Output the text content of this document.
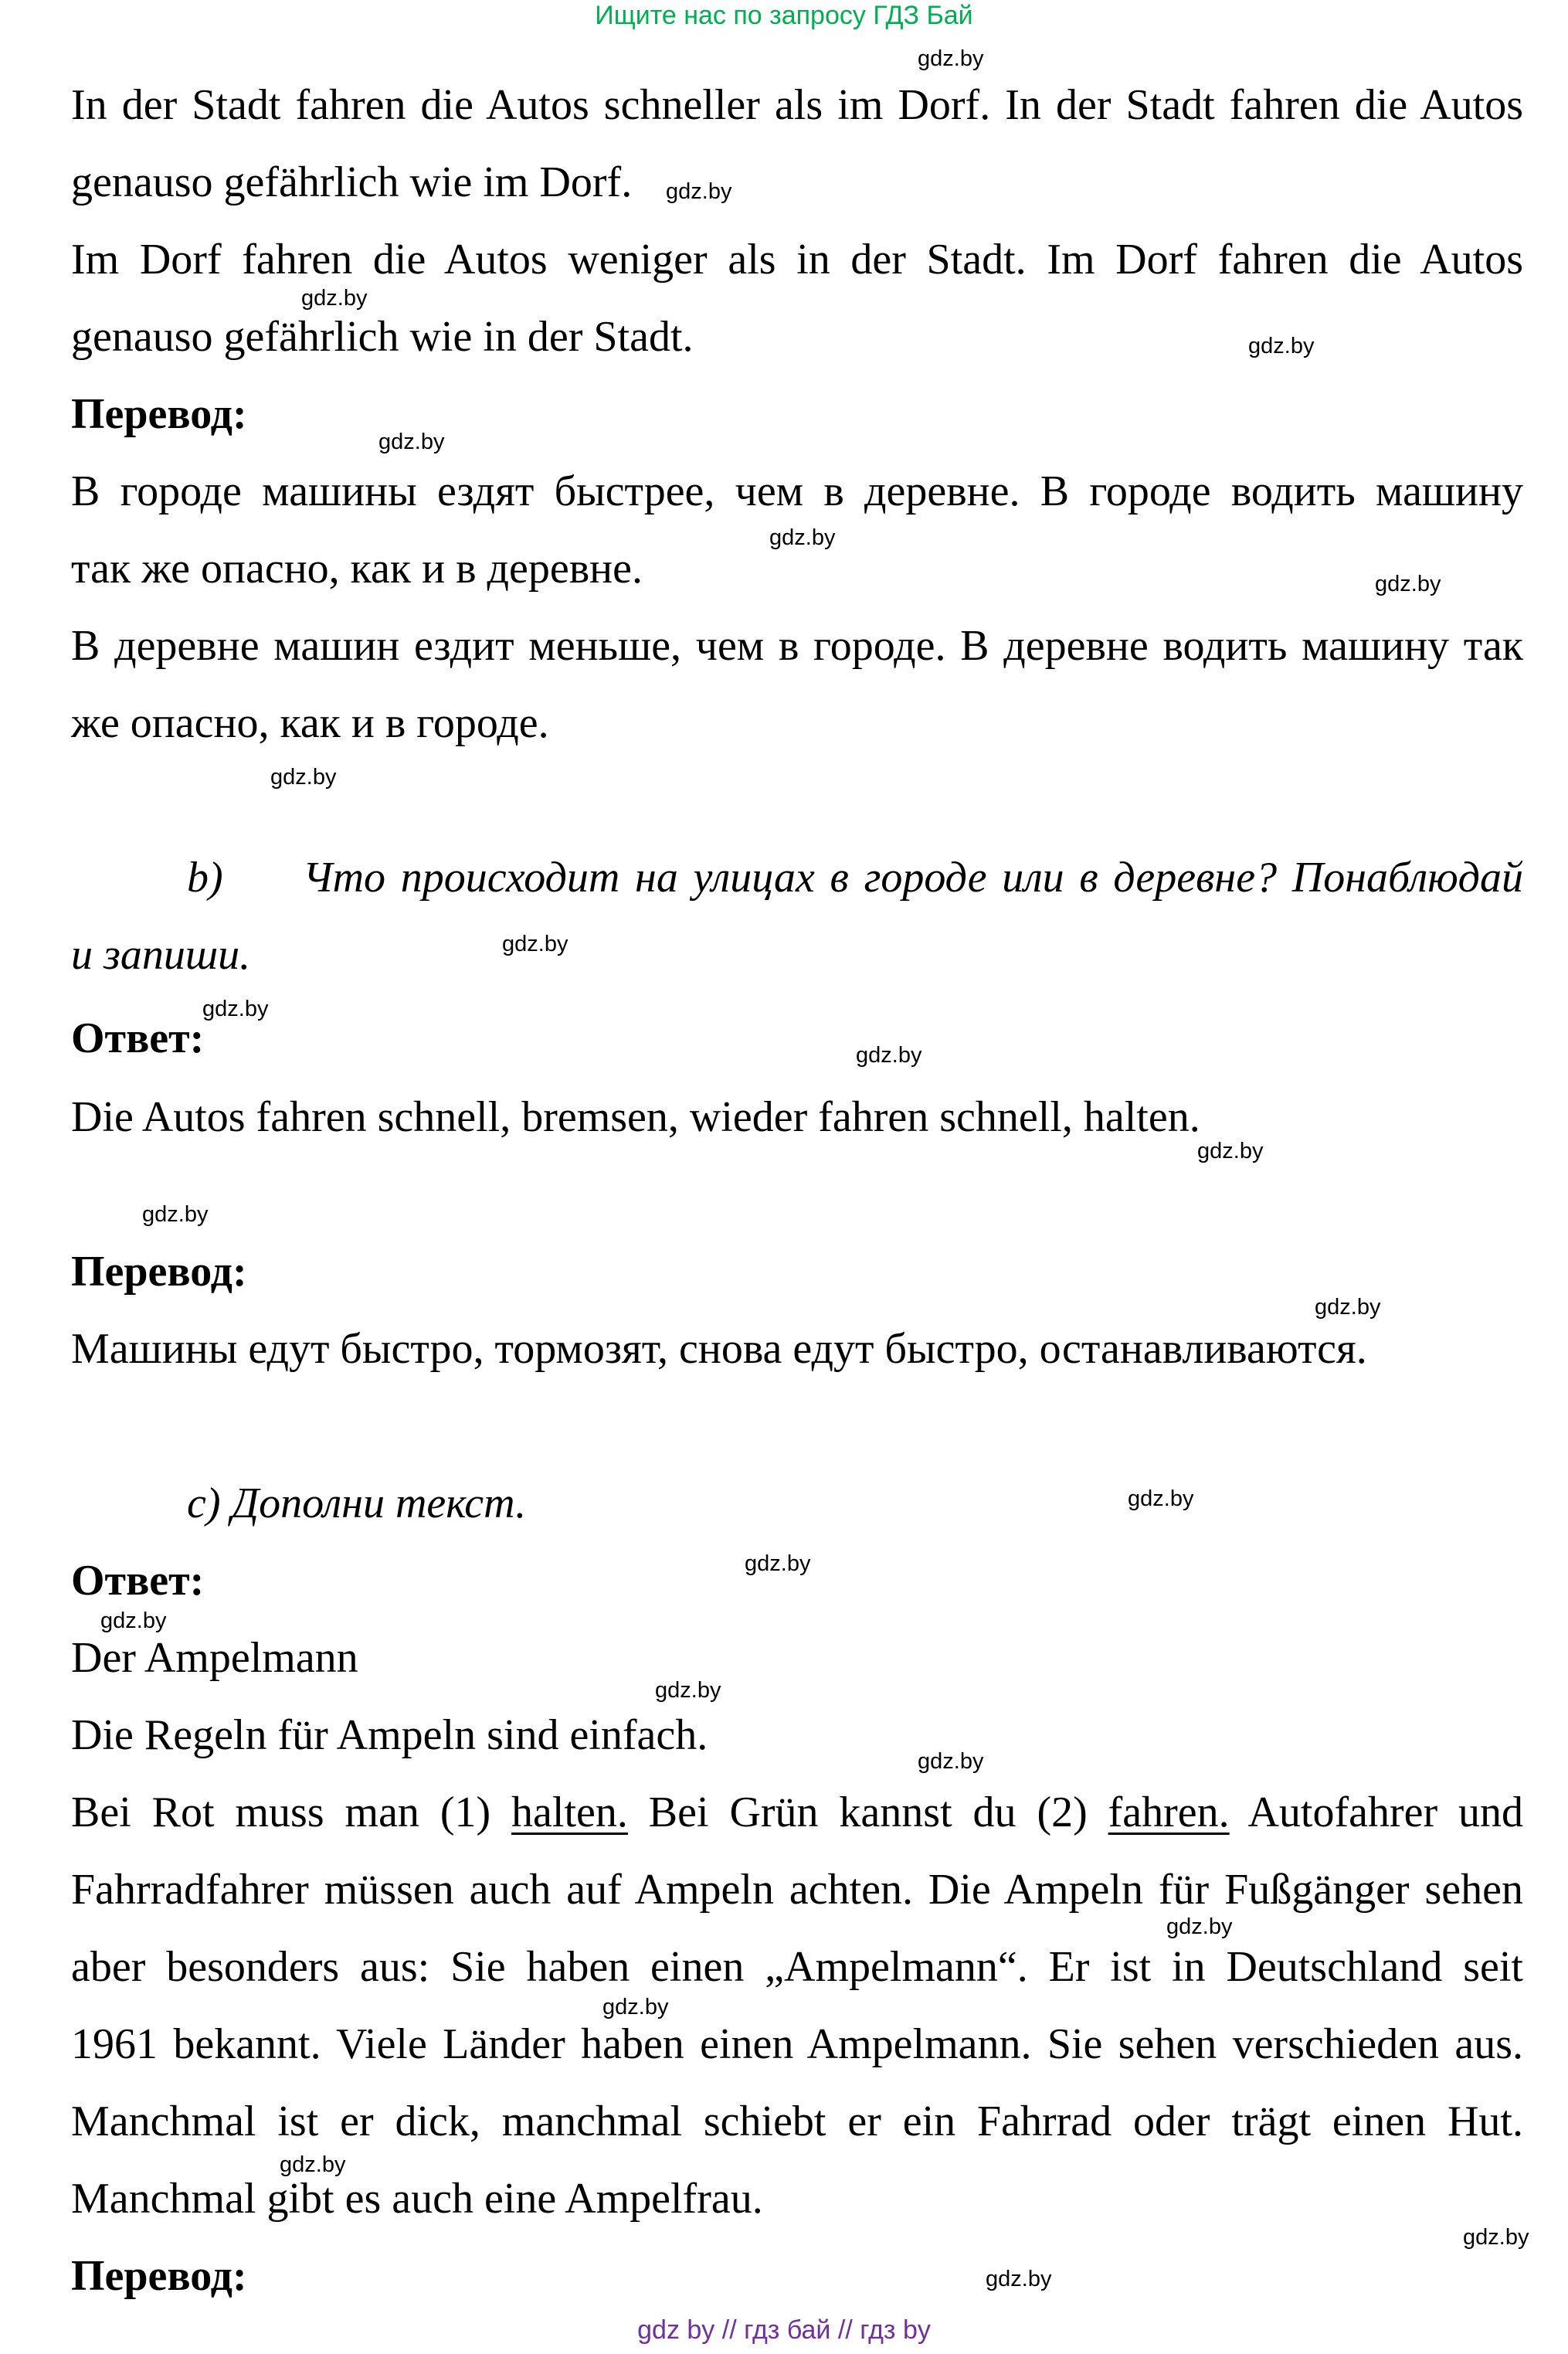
Ищите нас по запросу ГДЗ Бай
In der Stadt fahren die Autos schneller als im Dorf. In der Stadt fahren die Autos
genauso gefährlich wie im Dorf.
Im Dorf fahren die Autos weniger als in der Stadt. Im Dorf fahren die Autos
genauso gefährlich wie in der Stadt.
Перевод:
В городе машины ездят быстрее, чем в деревне. В городе водить машину
так же опасно, как и в деревне.
В деревне машин ездит меньше, чем в городе. В деревне водить машину так
же опасно, как и в городе.
b) Что происходит на улицах в городе или в деревне? Понаблюдай
и запиши.
Ответ:
Die Autos fahren schnell, bremsen, wieder fahren schnell, halten.
Перевод:
Машины едут быстро, тормозят, снова едут быстро, останавливаются.
c) Дополни текст.
Ответ:
Der Ampelmann
Die Regeln für Ampeln sind einfach.
Bei Rot muss man (1) halten. Bei Grün kannst du (2) fahren. Autofahrer und
Fahrradfahrer müssen auch auf Ampeln achten. Die Ampeln für Fußgänger sehen
aber besonders aus: Sie haben einen „Ampelmann“. Er ist in Deutschland seit
1961 bekannt. Viele Länder haben einen Ampelmann. Sie sehen verschieden aus.
Manchmal ist er dick, manchmal schiebt er ein Fahrrad oder trägt einen Hut.
Manchmal gibt es auch eine Ampelfrau.
Перевод:
gdz.by
gdz.by
gdz.by
gdz.by
gdz.by
gdz.by
gdz.by
gdz.by
gdz.by
gdz.by
gdz.by
gdz.by
gdz.by
gdz.by
gdz.by
gdz.by
gdz.by
gdz.by
gdz.by
gdz.by
gdz.by
gdz.by
gdz.by
gdz.by
gdz by // гдз бай // гдз by
